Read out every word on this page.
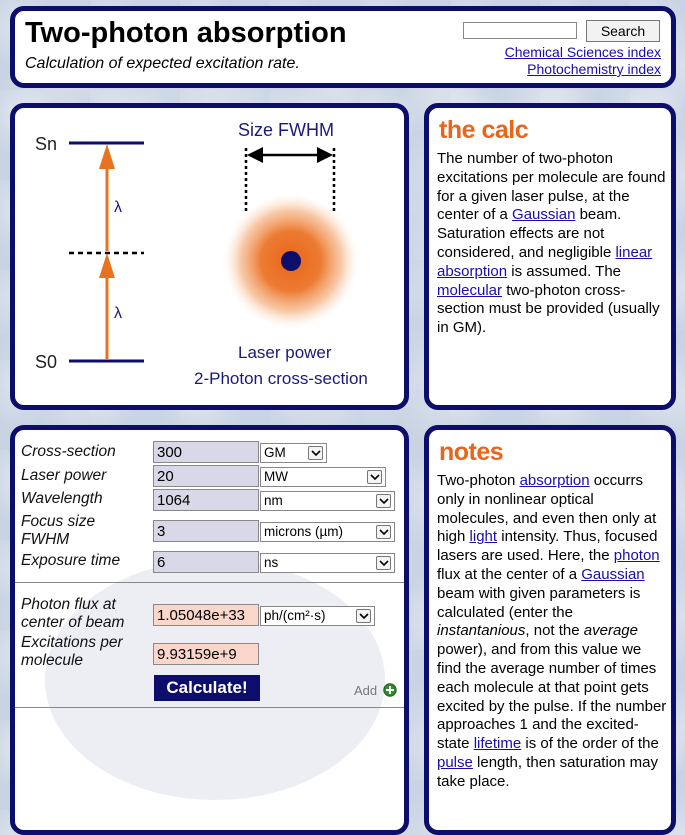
Two-photon absorption
Calculation of expected excitation rate.
Search
Chemical Sciences index
Photochemistry index
Sn
S0
λ
λ
Size FWHM
Laser power
2-Photon cross-section
the calc

The number of two-photon excitations per molecule are found for a given laser pulse, at the center of a Gaussian beam. Saturation effects are not considered, and negligible linear absorption is assumed. The molecular two-photon cross-section must be provided (usually in GM).

Cross-section	300	GM
Laser power	20	MW
Wavelength	1064	nm
Focus size FWHM	3	microns (µm)
Exposure time 6	ns
Photon flux at center of beam	1.05048e+33	ph/(cm²·s)
Excitations per molecule	9.93159e+9
Calculate!	Add
notes

Two-photon absorption occurrs only in nonlinear optical molecules, and even then only at high light intensity. Thus, focused lasers are used. Here, the photon flux at the center of a Gaussian beam with given parameters is calculated (enter the instantanious, not the average power), and from this value we find the average number of times each molecule at that point gets excited by the pulse. If the number approaches 1 and the excited-state lifetime is of the order of the pulse length, then saturation may take place.
